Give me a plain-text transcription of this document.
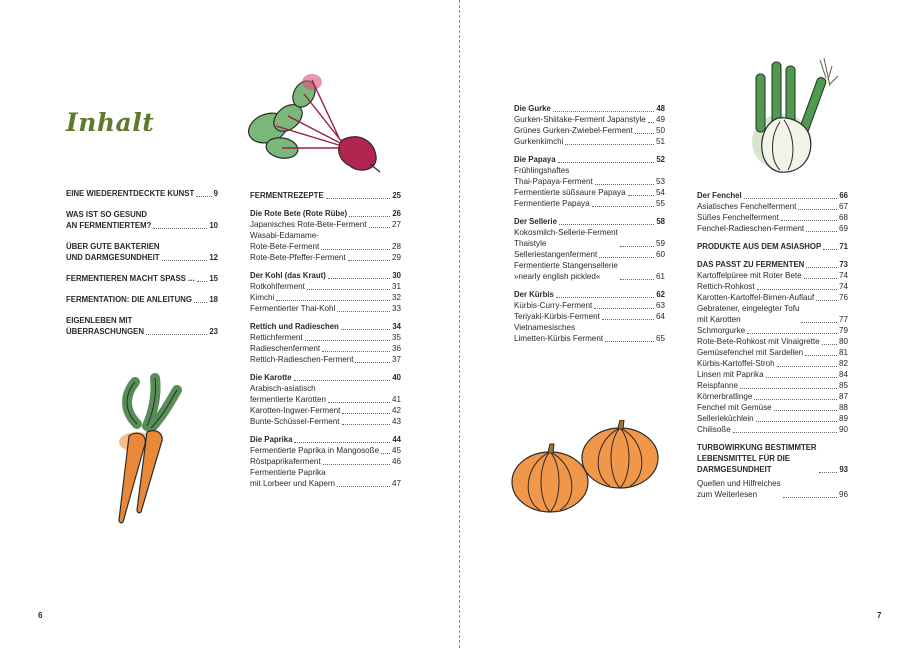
Inhalt
EINE WIEDERENTDECKTE KUNST 9
WAS IST SO GESUND
AN FERMENTIERTEM?	10
ÜBER GUTE BAKTERIEN
UND DARMGESUNDHEIT	12
FERMENTIEREN MACHT SPASS ... 15
FERMENTATION: DIE ANLEITUNG 18
EIGENLEBEN MIT
ÜBERRASCHUNGEN	23
FERMENTREZEPTE	25
Die Rote Bete (Rote Rübe)	26
Japanisches Rote-Bete-Ferment	27
Wasabi-Edamame-
Rote-Bete-Ferment	28
Rote-Bete-Pfeffer-Ferment	29
Der Kohl (das Kraut)	30
Rotkohlferment	31
Kimchi	32
Fermentierter Thai-Kohl	33
Rettich und Radieschen	34
Rettichferment	35
Radieschenferment	36
Rettich-Radieschen-Ferment	37
Die Karotte	40
Arabisch-asiatisch
fermentierte Karotten	41
Karotten-Ingwer-Ferment	42
Bunte-Schüssel-Ferment	43
Die Paprika	44
Fermentierte Paprika in Mangosoße 45
Röstpaprikaferment	46
Fermentierte Paprika
mit Lorbeer und Kapern	47
Die Gurke	48
Gurken-Shiitake-Ferment Japanstyle 49
Grünes Gurken-Zwiebel-Ferment	50
Gurkenkimchi	51
Die Papaya	52
Frühlingshaftes
Thai-Papaya-Ferment	53
Fermentierte süßsaure Papaya	54
Fermentierte Papaya	55
Der Sellerie	58
Kokosmilch-Sellerie-Ferment
Thaistyle	59
Selleriestangenferment	60
Fermentierte Stangensellerie
»nearly english pickled«	61
Der Kürbis	62
Kürbis-Curry-Ferment	63
Teriyaki-Kürbis-Ferment	64
Vietnamesisches
Limetten-Kürbis Ferment	65
Der Fenchel	66
Asiatisches Fenchelferment	67
Süßes Fenchelferment	68
Fenchel-Radieschen-Ferment	69
PRODUKTE AUS DEM ASIASHOP 71
DAS PASST ZU FERMENTEN	73
Kartoffelpüree mit Roter Bete	74
Rettich-Rohkost	74
Karotten-Kartoffel-Birnen-Auflauf	76
Gebratener, eingelegter Tofu
mit Karotten	77
Schmorgurke	79
Rote-Bete-Rohkost mit Vinaigrette 80
Gemüsefenchel mit Sardellen	81
Kürbis-Kartoffel-Stroh	82
Linsen mit Paprika	84
Reispfanne	85
Körnerbratlinge	87
Fenchel mit Gemüse	88
Selleriekūchlein	89
Chilisoße	90
TURBOWIRKUNG BESTIMMTER
LEBENSMITTEL FÜR DIE
DARMGESUNDHEIT	93
Quellen und Hilfreiches
zum Weiterlesen	96
6	7
